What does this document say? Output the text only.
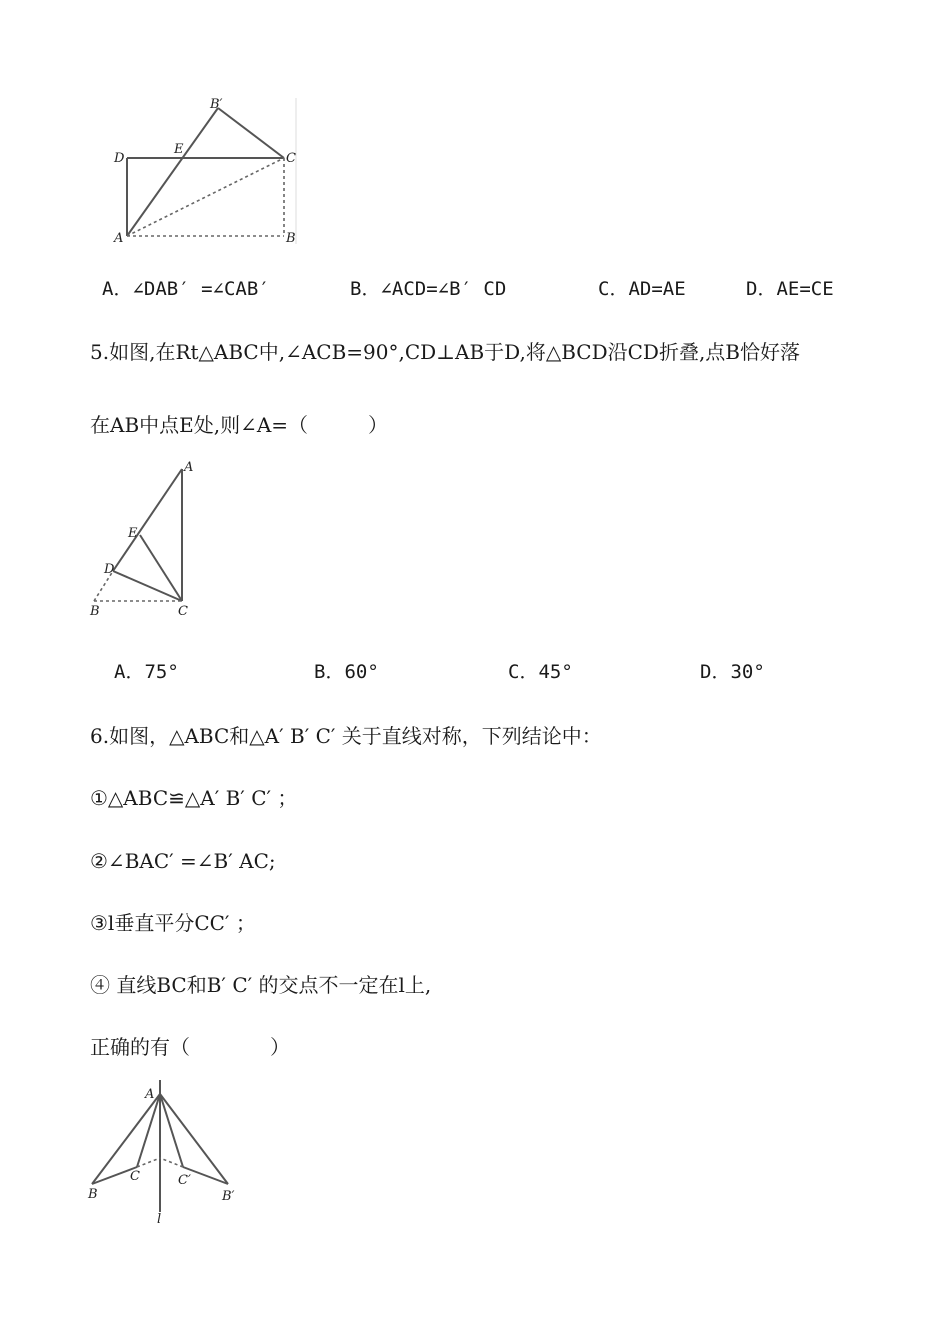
B′
D
E
C
A	B
A．∠DAB′ =∠CAB′	B．∠ACD=∠B′ CD	C．AD=AE	D．AE=CE
5.如图,在Rt△ABC中,∠ACB=90°,CD⊥AB于D,将△BCD沿CD折叠,点B恰好落
在AB中点E处,则∠A=（　　　）
A
E
D
B	C
A．75°	B．60°	C．45°	D．30°
6.如图，△ABC和△A′ B′ C′ 关于直线对称，下列结论中：
①△ABC≌△A′ B′ C′ ；
②∠BAC′ =∠B′ AC;
③l垂直平分CC′ ；
④ 直线BC和B′ C′ 的交点不一定在l上,
正确的有（　　　　）
A
B
C	C′
B′
l
